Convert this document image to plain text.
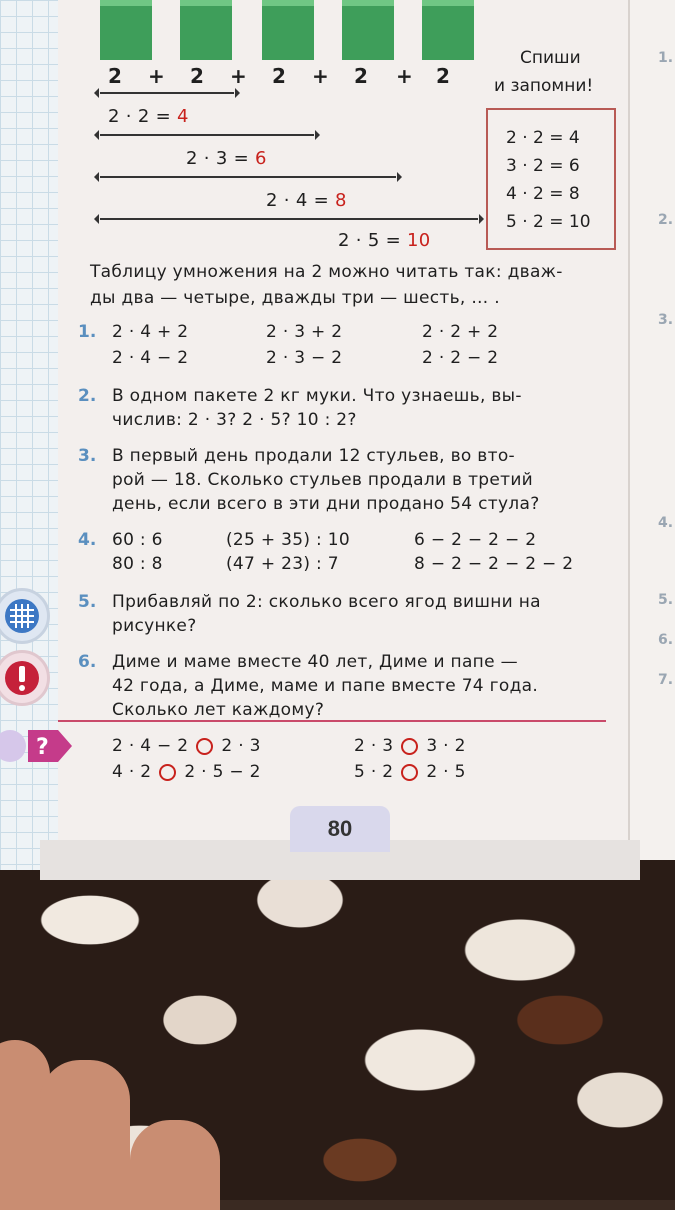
1.
2.
3.
4.
5.
6.
7.
2 + 2 + 2 + 2 + 2
2 · 2 = 4
2 · 3 = 6
2 · 4 = 8
2 · 5 = 10
Спиши
и запомни!
2 · 2 = 4
3 · 2 = 6
4 · 2 = 8
5 · 2 = 10
Таблицу умножения на 2 можно читать так: дваж-
ды два — четыре, дважды три — шесть, … .
1. 2 · 4 + 2
2 · 4 − 2
2 · 3 + 2
2 · 3 − 2
2 · 2 + 2
2 · 2 − 2
2. В одном пакете 2 кг муки. Что узнаешь, вы-
числив: 2 · 3? 2 · 5? 10 : 2?
3. В первый день продали 12 стульев, во вто-
рой — 18. Сколько стульев продали в третий
день, если всего в эти дни продано 54 стула?
4. 60 : 6
80 : 8
(25 + 35) : 10
(47 + 23) : 7
6 − 2 − 2 − 2
8 − 2 − 2 − 2 − 2
5. Прибавляй по 2: сколько всего ягод вишни на
рисунке?
6. Диме и маме вместе 40 лет, Диме и папе —
42 года, а Диме, маме и папе вместе 74 года.
Сколько лет каждому?
2 · 4 − 2 2 · 3	2 · 3 3 · 2
4 · 2 2 · 5 − 2	5 · 2 2 · 5
?
80
